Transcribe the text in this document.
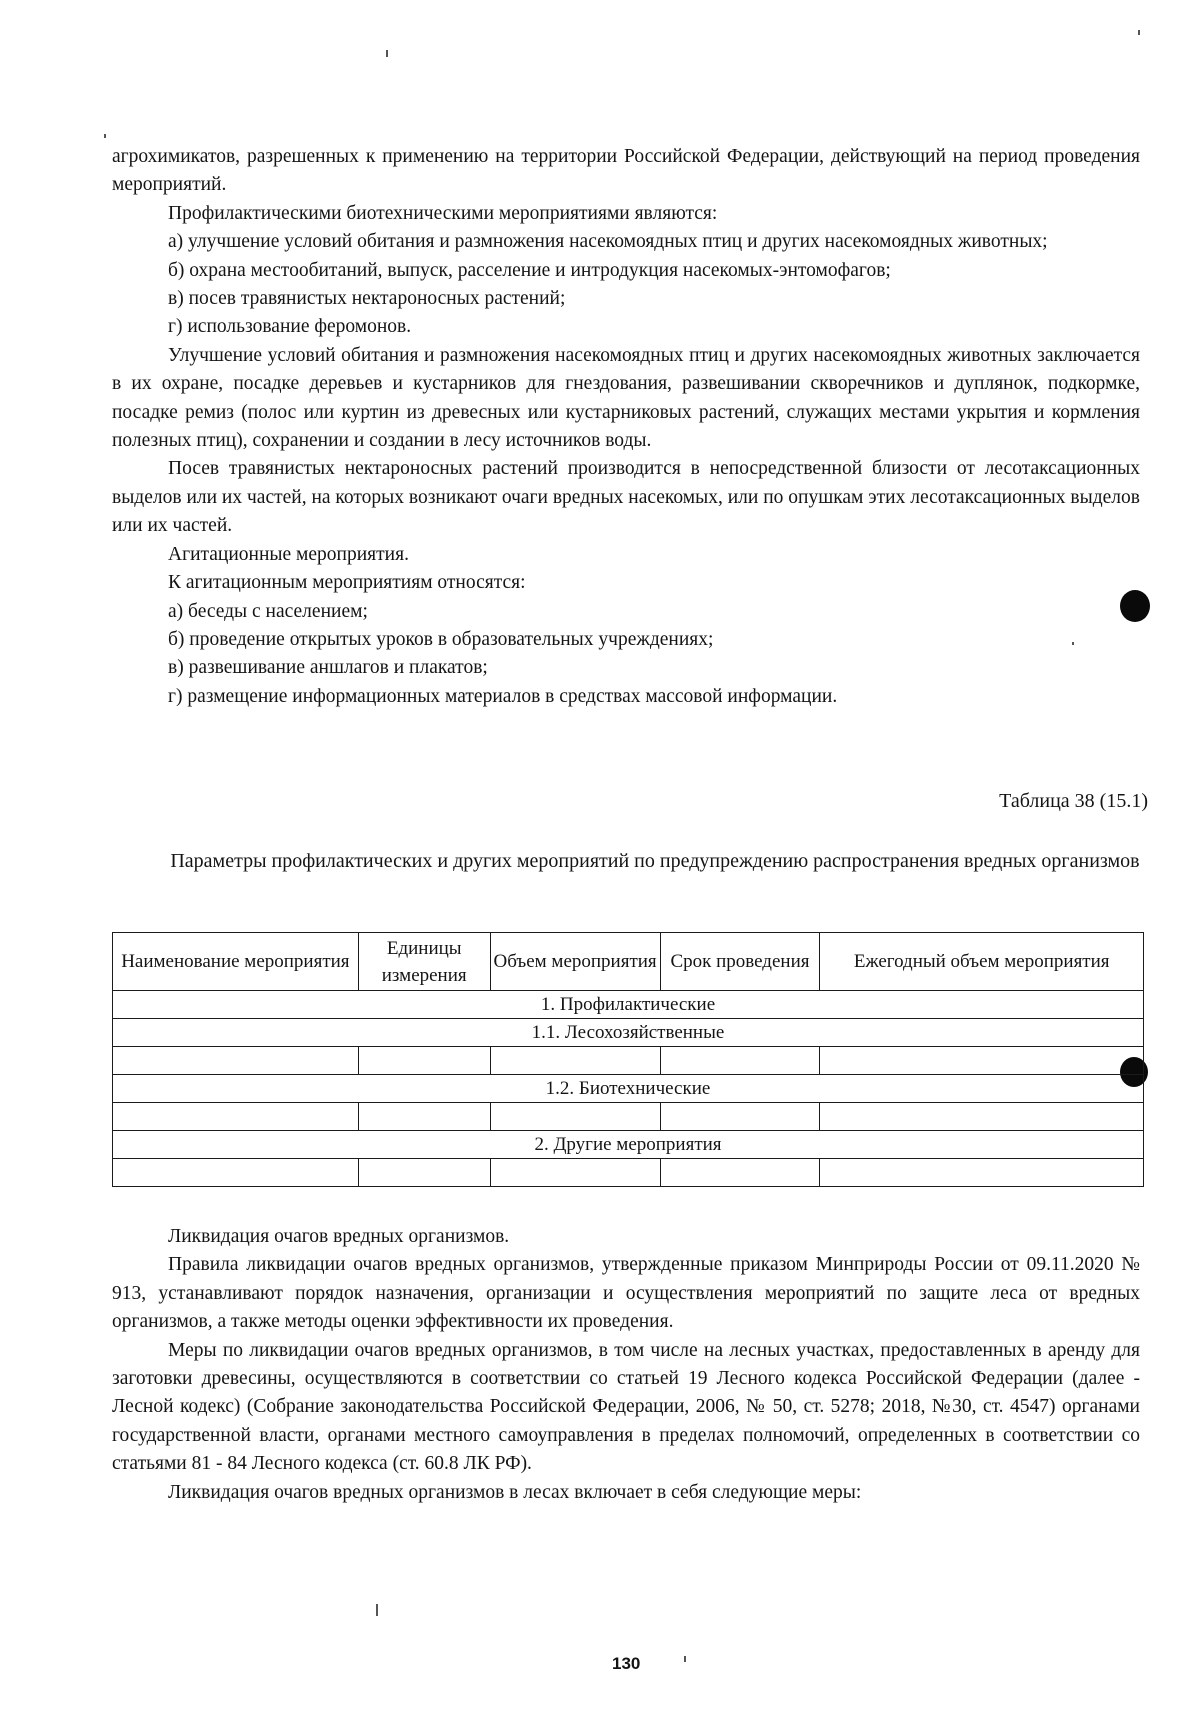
агрохимикатов, разрешенных к применению на территории Российской Федерации, действующий на период проведения мероприятий.

Профилактическими биотехническими мероприятиями являются:

а) улучшение условий обитания и размножения насекомоядных птиц и других насекомоядных животных;

б) охрана местообитаний, выпуск, расселение и интродукция насекомых-энтомофагов;

в) посев травянистых нектароносных растений;

г) использование феромонов.

Улучшение условий обитания и размножения насекомоядных птиц и других насекомоядных животных заключается в их охране, посадке деревьев и кустарников для гнездования, развешивании скворечников и дуплянок, подкормке, посадке ремиз (полос или куртин из древесных или кустарниковых растений, служащих местами укрытия и кормления полезных птиц), сохранении и создании в лесу источников воды.

Посев травянистых нектароносных растений производится в непосредственной близости от лесотаксационных выделов или их частей, на которых возникают очаги вредных насекомых, или по опушкам этих лесотаксационных выделов или их частей.

Агитационные мероприятия.

К агитационным мероприятиям относятся:

а) беседы с населением;

б) проведение открытых уроков в образовательных учреждениях;

в) развешивание аншлагов и плакатов;

г) размещение информационных материалов в средствах массовой информации.

Таблица 38 (15.1)
Параметры профилактических и других мероприятий по предупреждению распространения вредных организмов
Наименование мероприятия	Единицы измерения	Объем мероприятия	Срок проведения	Ежегодный объем мероприятия
1. Профилактические				
1.1. Лесохозяйственные				

1.2. Биотехнические				

2. Другие мероприятия				

Ликвидация очагов вредных организмов.

Правила ликвидации очагов вредных организмов, утвержденные приказом Минприроды России от 09.11.2020 № 913, устанавливают порядок назначения, организации и осуществления мероприятий по защите леса от вредных организмов, а также методы оценки эффективности их проведения.

Меры по ликвидации очагов вредных организмов, в том числе на лесных участках, предоставленных в аренду для заготовки древесины, осуществляются в соответствии со статьей 19 Лесного кодекса Российской Федерации (далее - Лесной кодекс) (Собрание законодательства Российской Федерации, 2006, № 50, ст. 5278; 2018, №30, ст. 4547) органами государственной власти, органами местного самоуправления в пределах полномочий, определенных в соответствии со статьями 81 - 84 Лесного кодекса (ст. 60.8 ЛК РФ).

Ликвидация очагов вредных организмов в лесах включает в себя следующие меры:

130
